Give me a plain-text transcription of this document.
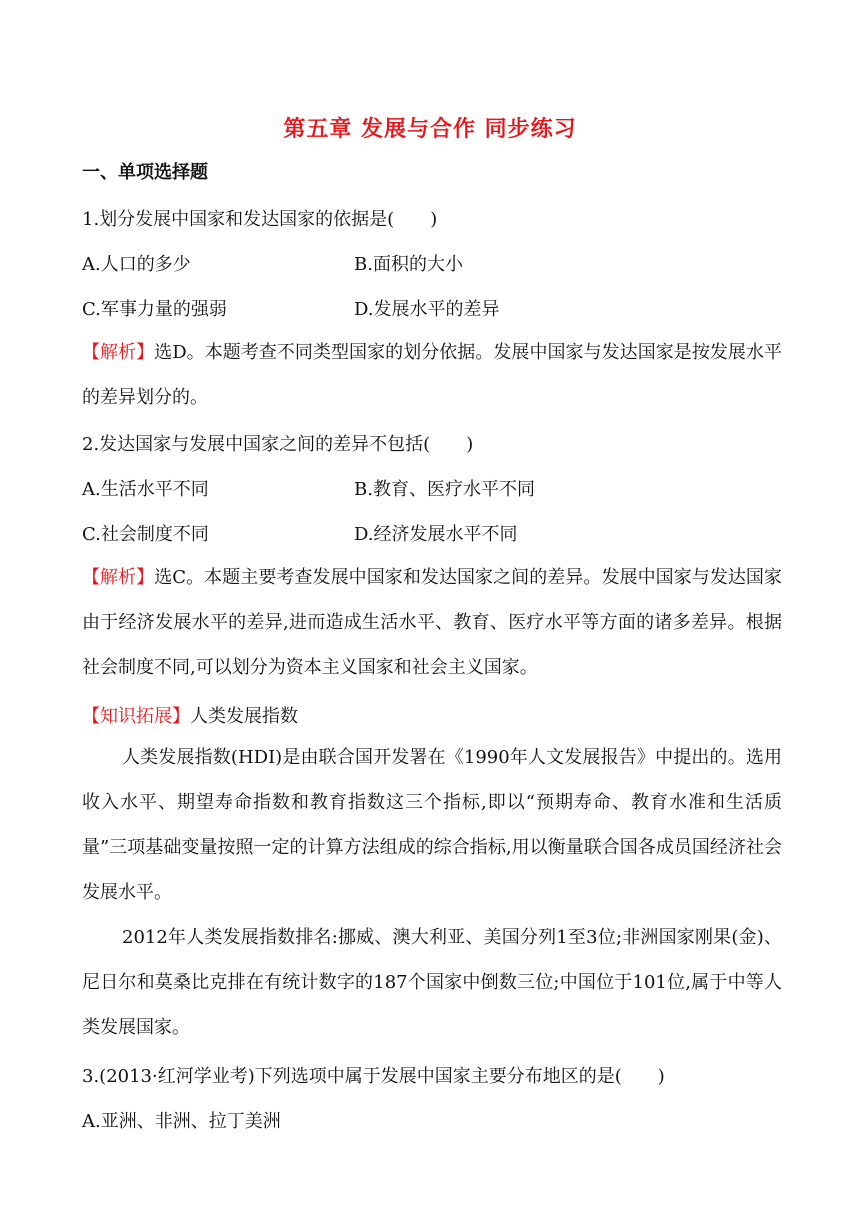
第五章 发展与合作 同步练习
一、单项选择题
1.划分发展中国家和发达国家的依据是(　　)
A.人口的多少	B.面积的大小
C.军事力量的强弱	D.发展水平的差异
【解析】选D。本题考查不同类型国家的划分依据。发展中国家与发达国家是按发展水平的差异划分的。
2.发达国家与发展中国家之间的差异不包括(　　)
A.生活水平不同	B.教育、医疗水平不同
C.社会制度不同	D.经济发展水平不同
【解析】选C。本题主要考查发展中国家和发达国家之间的差异。发展中国家与发达国家由于经济发展水平的差异,进而造成生活水平、教育、医疗水平等方面的诸多差异。根据社会制度不同,可以划分为资本主义国家和社会主义国家。
【知识拓展】人类发展指数
人类发展指数(HDI)是由联合国开发署在《1990年人文发展报告》中提出的。选用收入水平、期望寿命指数和教育指数这三个指标,即以“预期寿命、教育水准和生活质量”三项基础变量按照一定的计算方法组成的综合指标,用以衡量联合国各成员国经济社会发展水平。
2012年人类发展指数排名:挪威、澳大利亚、美国分列1至3位;非洲国家刚果(金)、尼日尔和莫桑比克排在有统计数字的187个国家中倒数三位;中国位于101位,属于中等人类发展国家。
3.(2013·红河学业考)下列选项中属于发展中国家主要分布地区的是(　　)
A.亚洲、非洲、拉丁美洲
